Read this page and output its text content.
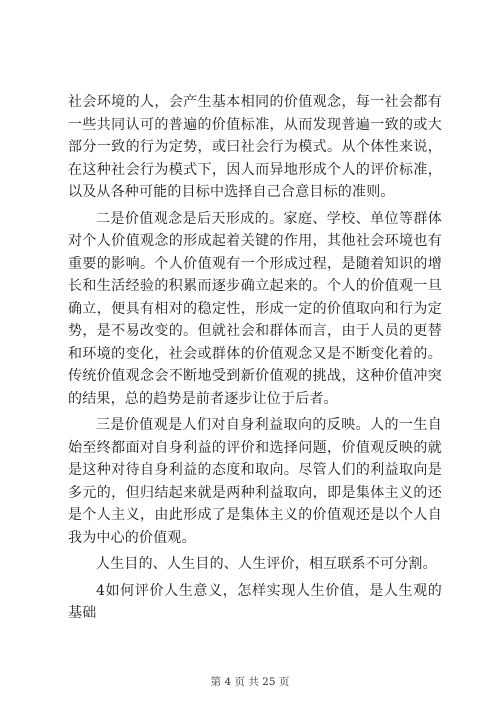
社会环境的人，会产生基本相同的价值观念，每一社会都有一些共同认可的普遍的价值标准，从而发现普遍一致的或大部分一致的行为定势，或曰社会行为模式。从个体性来说，在这种社会行为模式下，因人而异地形成个人的评价标准，以及从各种可能的目标中选择自己合意目标的准则。

二是价值观念是后天形成的。家庭、学校、单位等群体对个人价值观念的形成起着关键的作用，其他社会环境也有重要的影响。个人价值观有一个形成过程，是随着知识的增长和生活经验的积累而逐步确立起来的。个人的价值观一旦确立，便具有相对的稳定性，形成一定的价值取向和行为定势，是不易改变的。但就社会和群体而言，由于人员的更替和环境的变化，社会或群体的价值观念又是不断变化着的。传统价值观念会不断地受到新价值观的挑战，这种价值冲突的结果，总的趋势是前者逐步让位于后者。

三是价值观是人们对自身利益取向的反映。人的一生自始至终都面对自身利益的评价和选择问题，价值观反映的就是这种对待自身利益的态度和取向。尽管人们的利益取向是多元的，但归结起来就是两种利益取向，即是集体主义的还是个人主义，由此形成了是集体主义的价值观还是以个人自我为中心的价值观。

人生目的、人生目的、人生评价，相互联系不可分割。

4如何评价人生意义，怎样实现人生价值，是人生观的基础

第 4 页 共 25 页
